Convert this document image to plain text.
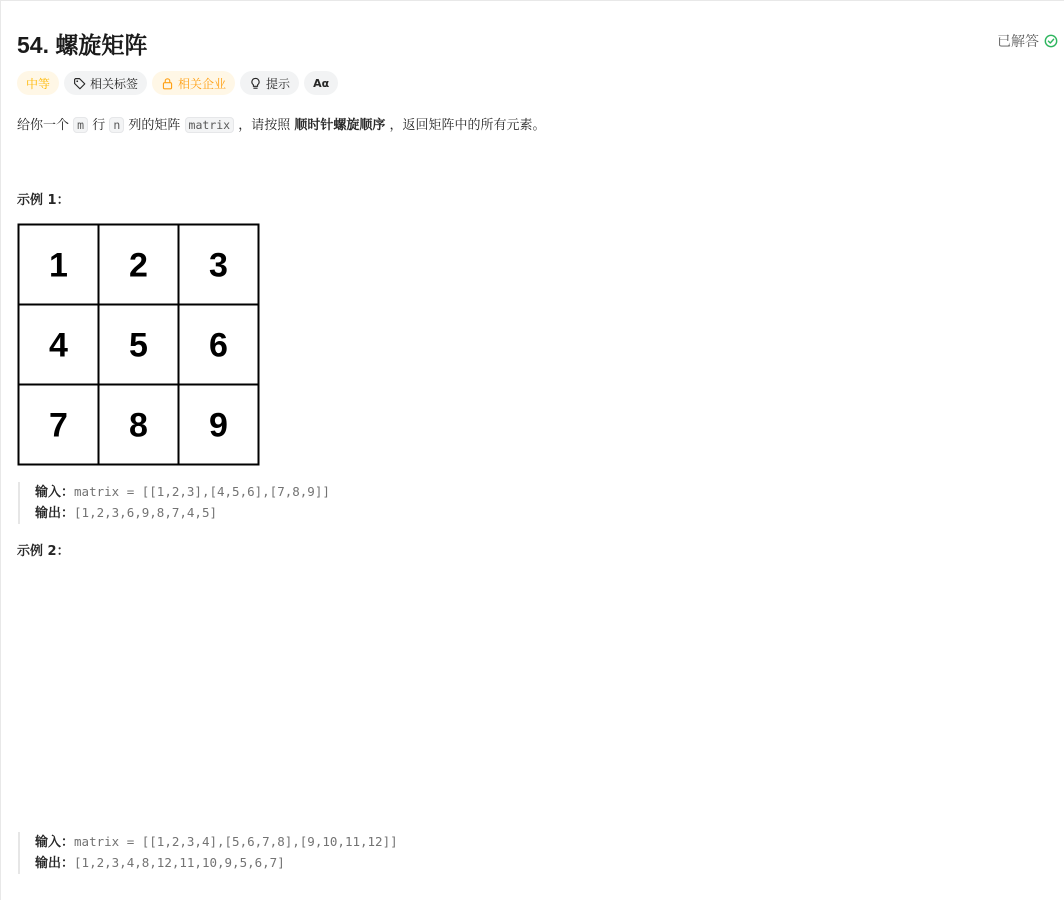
54. 螺旋矩阵	已解答
中等	相关标签	相关企业	提示 Aα
给你一个 m 行 n 列的矩阵 matrix ，请按照 顺时针螺旋顺序 ，返回矩阵中的所有元素。
示例 1：
1 2 3
4 5 6
7 8 9
输入：matrix = [[1,2,3],[4,5,6],[7,8,9]]
输出：[1,2,3,6,9,8,7,4,5]
示例 2：
输入：matrix = [[1,2,3,4],[5,6,7,8],[9,10,11,12]]
输出：[1,2,3,4,8,12,11,10,9,5,6,7]
